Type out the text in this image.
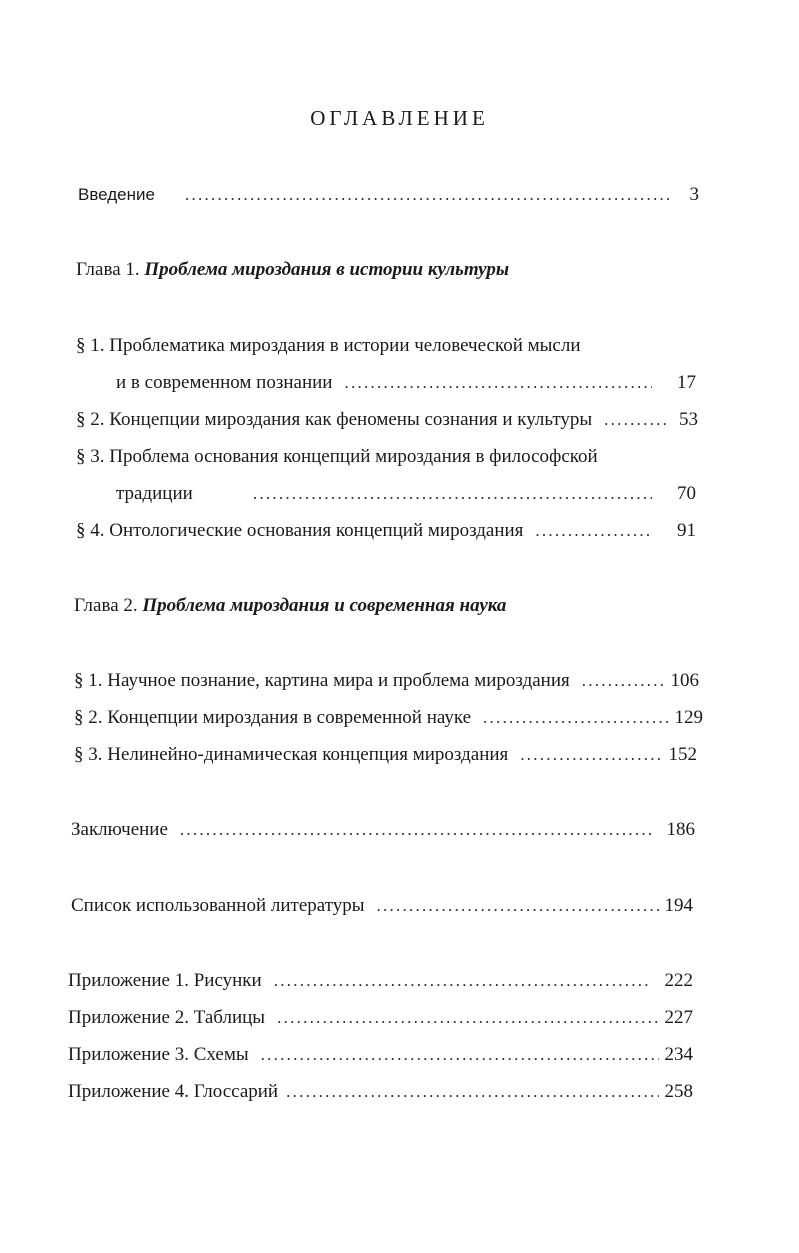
ОГЛАВЛЕНИЕ
Введение . . .	3
Глава 1. Проблема мироздания в истории культуры
§ 1. Проблематика мироздания в истории человеческой мысли
и в современном познании . . .	17
§ 2. Концепции мироздания как феномены сознания и культуры . . .	53
§ 3. Проблема основания концепций мироздания в философской
традиции . . .	70
§ 4. Онтологические основания концепций мироздания . . .	91
Глава 2. Проблема мироздания и современная наука
§ 1. Научное познание, картина мира и проблема мироздания . . .	106
§ 2. Концепции мироздания в современной науке . . .	129
§ 3. Нелинейно-динамическая концепция мироздания . . .	152
Заключение . . .	186
Список использованной литературы . . .	194
Приложение 1. Рисунки . . .	222
Приложение 2. Таблицы . . .	227
Приложение 3. Схемы . . .	234
Приложение 4. Глоссарий . . .	258
